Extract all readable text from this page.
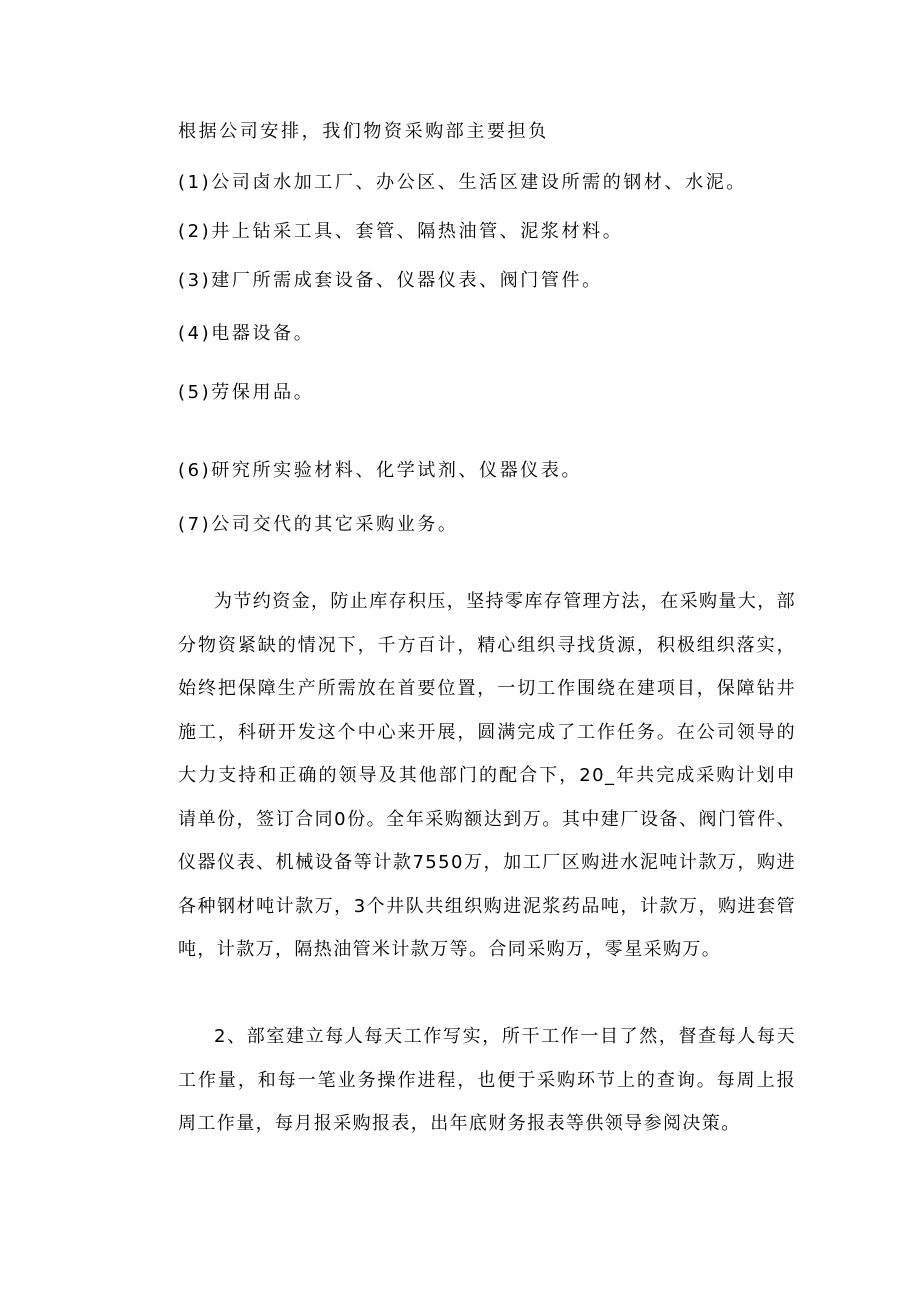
根据公司安排，我们物资采购部主要担负
(1)公司卤水加工厂、办公区、生活区建设所需的钢材、水泥。
(2)井上钻采工具、套管、隔热油管、泥浆材料。
(3)建厂所需成套设备、仪器仪表、阀门管件。
(4)电器设备。
(5)劳保用品。
(6)研究所实验材料、化学试剂、仪器仪表。
(7)公司交代的其它采购业务。

为节约资金，防止库存积压，坚持零库存管理方法，在采购量大，部分物资紧缺的情况下，千方百计，精心组织寻找货源，积极组织落实，始终把保障生产所需放在首要位置，一切工作围绕在建项目，保障钻井施工，科研开发这个中心来开展，圆满完成了工作任务。在公司领导的大力支持和正确的领导及其他部门的配合下，20_年共完成采购计划申请单份，签订合同0份。全年采购额达到万。其中建厂设备、阀门管件、仪器仪表、机械设备等计款7550万，加工厂区购进水泥吨计款万，购进各种钢材吨计款万，3个井队共组织购进泥浆药品吨，计款万，购进套管吨，计款万，隔热油管米计款万等。合同采购万，零星采购万。

2、部室建立每人每天工作写实，所干工作一目了然，督查每人每天工作量，和每一笔业务操作进程，也便于采购环节上的查询。每周上报周工作量，每月报采购报表，出年底财务报表等供领导参阅决策。
